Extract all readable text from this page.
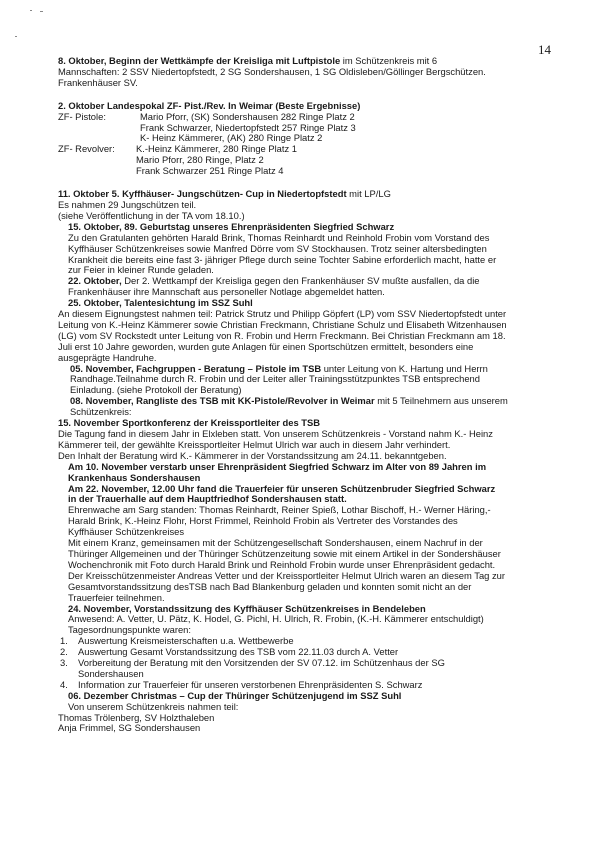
14
8. Oktober, Beginn der Wettkämpfe der Kreisliga mit Luftpistole im Schützenkreis mit 6
Mannschaften: 2 SSV Niedertopfstedt, 2 SG Sondershausen, 1 SG Oldisleben/Göllinger Bergschützen.
Frankenhäuser SV.
2. Oktober Landespokal ZF- Pist./Rev. In Weimar (Beste Ergebnisse)
ZF- Pistole:	Mario Pforr, (SK) Sondershausen 282 Ringe Platz 2
Frank Schwarzer, Niedertopfstedt 257 Ringe Platz 3
K- Heinz Kämmerer, (AK) 280 Ringe Platz 2
ZF- Revolver:	K.-Heinz Kämmerer, 280 Ringe Platz 1
Mario Pforr, 280 Ringe, Platz 2
Frank Schwarzer 251 Ringe Platz 4
11. Oktober 5. Kyffhäuser- Jungschützen- Cup in Niedertopfstedt mit LP/LG
Es nahmen 29 Jungschützen teil.
(siehe Veröffentlichung in der TA vom 18.10.)
15. Oktober, 89. Geburtstag unseres Ehrenpräsidenten Siegfried Schwarz
Zu den Gratulanten gehörten Harald Brink, Thomas Reinhardt und Reinhold Frobin vom Vorstand des
Kyffhäuser Schützenkreises sowie Manfred Dörre vom SV Stockhausen. Trotz seiner altersbedingten
Krankheit die bereits eine fast 3- jähriger Pflege durch seine Tochter Sabine erforderlich macht, hatte er
zur Feier in kleiner Runde geladen.
22. Oktober, Der 2. Wettkampf der Kreisliga gegen den Frankenhäuser SV mußte ausfallen, da die
Frankenhäuser ihre Mannschaft aus personeller Notlage abgemeldet hatten.
25. Oktober, Talentesichtung im SSZ Suhl
An diesem Eignungstest nahmen teil: Patrick Strutz und Philipp Göpfert (LP) vom SSV Niedertopfstedt unter
Leitung von K.-Heinz Kämmerer sowie Christian Freckmann, Christiane Schulz und Elisabeth Witzenhausen
(LG) vom SV Rockstedt unter Leitung von R. Frobin und Herrn Freckmann. Bei Christian Freckmann am 18.
Juli erst 10 Jahre geworden, wurden gute Anlagen für einen Sportschützen ermittelt, besonders eine
ausgeprägte Handruhe.
05. November, Fachgruppen - Beratung – Pistole im TSB unter Leitung von K. Hartung und Herrn
Randhage.Teilnahme durch R. Frobin und der Leiter aller Trainingsstützpunktes TSB entsprechend
Einladung. (siehe Protokoll der Beratung)
08. November, Rangliste des TSB mit KK-Pistole/Revolver in Weimar mit 5 Teilnehmern aus unserem
Schützenkreis:
15. November Sportkonferenz der Kreissportleiter des TSB
Die Tagung fand in diesem Jahr in Elxleben statt. Von unserem Schützenkreis - Vorstand nahm K.- Heinz
Kämmerer teil, der gewählte Kreissportleiter Helmut Ulrich war auch in diesem Jahr verhindert.
Den Inhalt der Beratung wird K.- Kämmerer in der Vorstandssitzung am 24.11. bekanntgeben.
Am 10. November verstarb unser Ehrenpräsident Siegfried Schwarz im Alter von 89 Jahren im
Krankenhaus Sondershausen
Am 22. November, 12.00 Uhr fand die Trauerfeier für unseren Schützenbruder Siegfried Schwarz
in der Trauerhalle auf dem Hauptfriedhof Sondershausen statt.
Ehrenwache am Sarg standen: Thomas Reinhardt, Reiner Spieß, Lothar Bischoff, H.- Werner Häring,-
Harald Brink, K.-Heinz Flohr, Horst Frimmel, Reinhold Frobin als Vertreter des Vorstandes des
Kyffhäuser Schützenkreises
Mit einem Kranz, gemeinsamen mit der Schützengesellschaft Sondershausen, einem Nachruf in der
Thüringer Allgemeinen und der Thüringer Schützenzeitung sowie mit einem Artikel in der Sondershäuser
Wochenchronik mit Foto durch Harald Brink und Reinhold Frobin wurde unser Ehrenpräsident gedacht.
Der Kreisschützenmeister Andreas Vetter und der Kreissportleiter Helmut Ulrich waren an diesem Tag zur
Gesamtvorstandssitzung desTSB nach Bad Blankenburg geladen und konnten somit nicht an der
Trauerfeier teilnehmen.
24. November, Vorstandssitzung des Kyffhäuser Schützenkreises in Bendeleben
Anwesend: A. Vetter, U. Pätz, K. Hodel, G. Pichl, H. Ulrich, R. Frobin, (K.-H. Kämmerer entschuldigt)
Tagesordnungspunkte waren:
1.	Auswertung Kreismeisterschaften u.a. Wettbewerbe
2.	Auswertung Gesamt Vorstandssitzung des TSB vom 22.11.03 durch A. Vetter
3.	Vorbereitung der Beratung mit den Vorsitzenden der SV 07.12. im Schützenhaus der SG
Sondershausen
4.	Information zur Trauerfeier für unseren verstorbenen Ehrenpräsidenten S. Schwarz
06. Dezember Christmas – Cup der Thüringer Schützenjugend im SSZ Suhl
Von unserem Schützenkreis nahmen teil:
Thomas Trölenberg, SV Holzthaleben
Anja Frimmel, SG Sondershausen
